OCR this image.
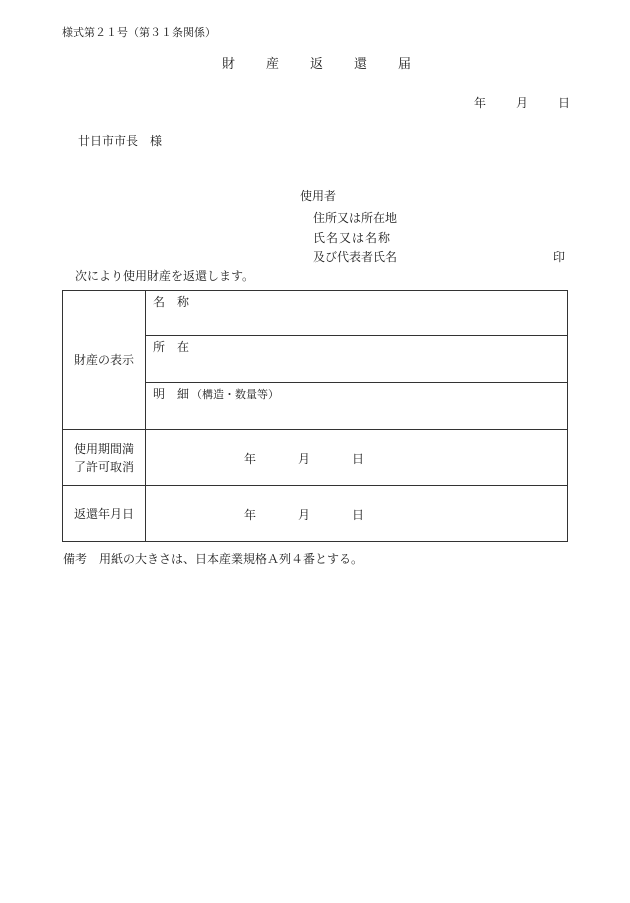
様式第２１号（第３１条関係）
財 産 返 還 届
年 月 日
廿日市市長　様
使用者
住所又は所在地
氏名又は名称
及び代表者氏名	印
次により使用財産を返還します。
財産の表示	名　称
	所　在
	明　細 （構造・数量等）

使用期間満
了許可取消	年 月 日
返還年月日	年 月 日
備考　用紙の大きさは、日本産業規格Ａ列４番とする。
